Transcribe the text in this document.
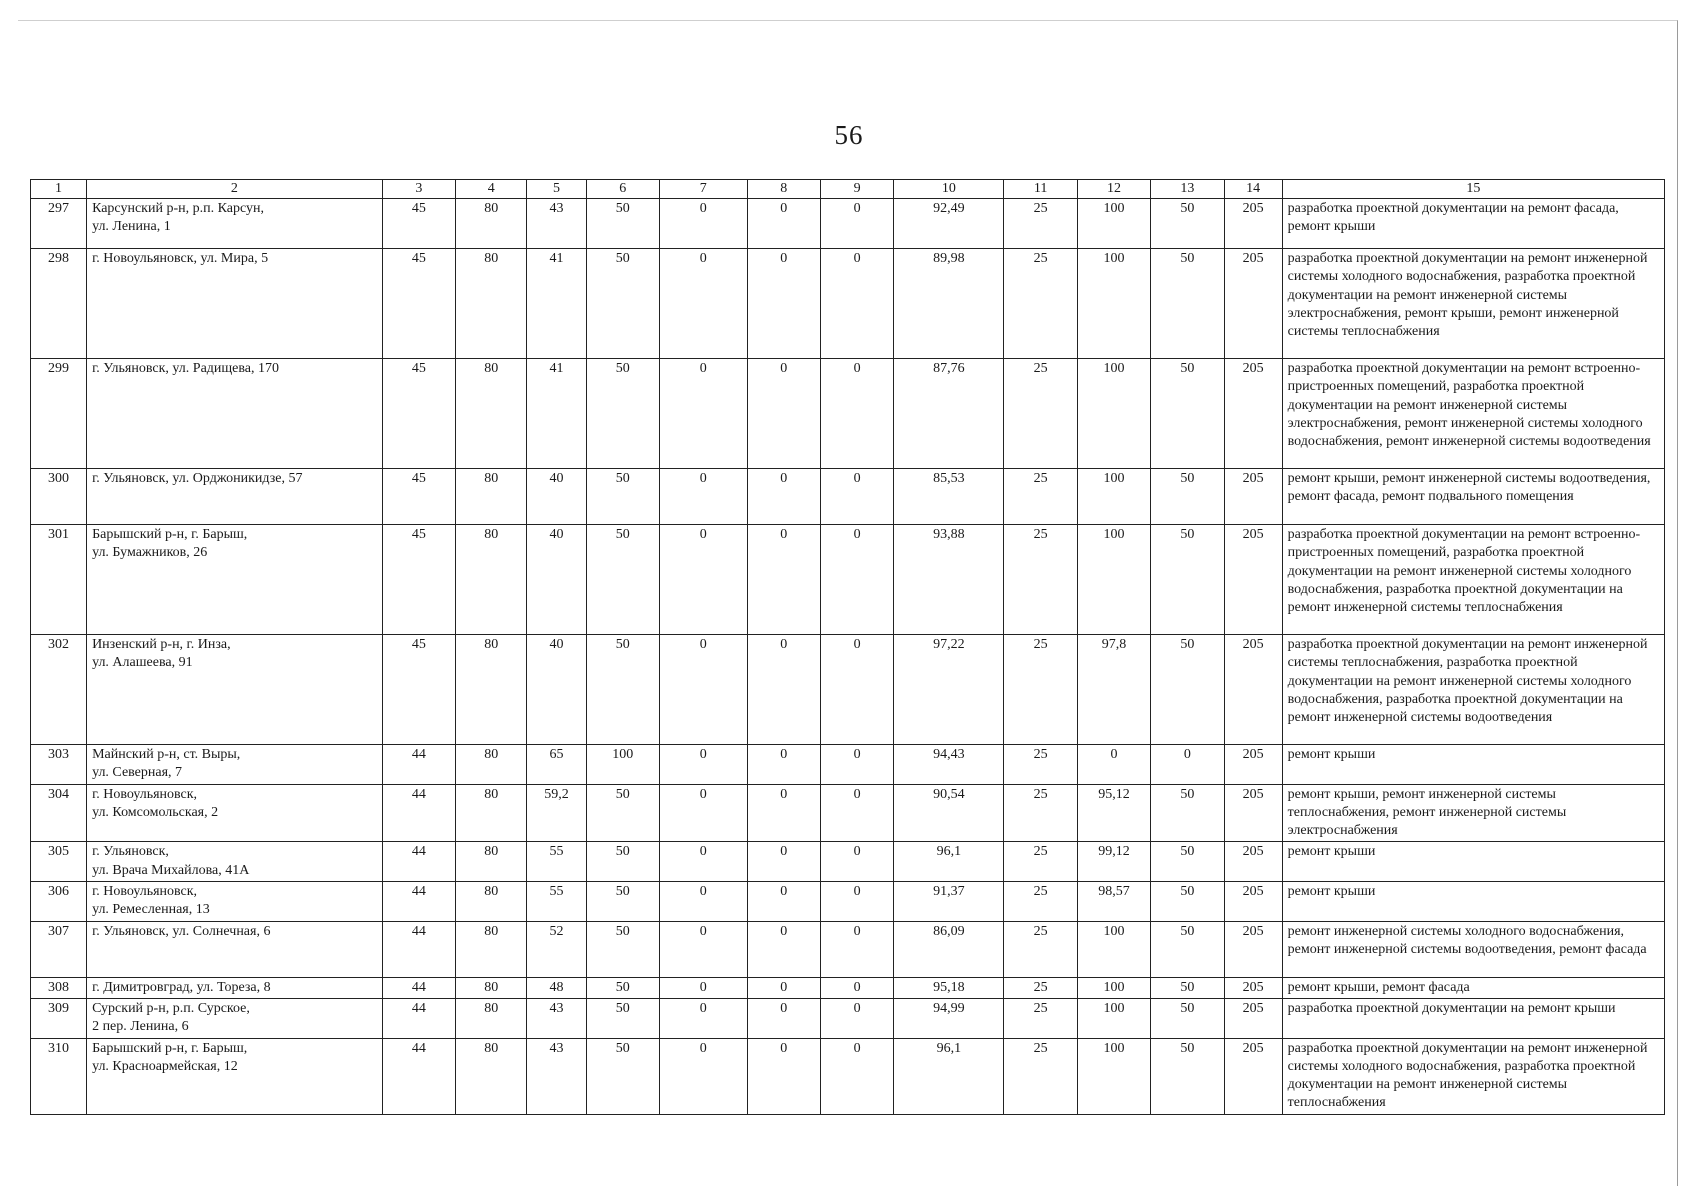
56
1	2	3	4	5	6	7	8	9	10	11	12	13	14	15
297	Карсунский р-н, р.п. Карсун,
ул. Ленина, 1	45	80	43	50	0	0	0	92,49	25	100	50	205	разработка проектной документации на ремонт фасада, ремонт крыши
298	г. Новоульяновск, ул. Мира, 5	45	80	41	50	0	0	0	89,98	25	100	50	205	разработка проектной документации на ремонт инженерной системы холодного водоснабжения, разработка проектной документации на ремонт инженерной системы электроснабжения, ремонт крыши, ремонт инженерной системы теплоснабжения
299	г. Ульяновск, ул. Радищева, 170	45	80	41	50	0	0	0	87,76	25	100	50	205	разработка проектной документации на ремонт встроенно-пристроенных помещений, разработка проектной документации на ремонт инженерной системы электроснабжения, ремонт инженерной системы холодного водоснабжения, ремонт инженерной системы водоотведения
300	г. Ульяновск, ул. Орджоникидзе, 57	45	80	40	50	0	0	0	85,53	25	100	50	205	ремонт крыши, ремонт инженерной системы водоотведения, ремонт фасада, ремонт подвального помещения
301	Барышский р-н, г. Барыш,
ул. Бумажников, 26	45	80	40	50	0	0	0	93,88	25	100	50	205	разработка проектной документации на ремонт встроенно-пристроенных помещений, разработка проектной документации на ремонт инженерной системы холодного водоснабжения, разработка проектной документации на ремонт инженерной системы теплоснабжения
302	Инзенский р-н, г. Инза,
ул. Алашеева, 91	45	80	40	50	0	0	0	97,22	25	97,8	50	205	разработка проектной документации на ремонт инженерной системы теплоснабжения, разработка проектной документации на ремонт инженерной системы холодного водоснабжения, разработка проектной документации на ремонт инженерной системы водоотведения
303	Майнский р-н, ст. Выры,
ул. Северная, 7	44	80	65	100	0	0	0	94,43	25	0	0	205	ремонт крыши
304	г. Новоульяновск,
ул. Комсомольская, 2	44	80	59,2	50	0	0	0	90,54	25	95,12	50	205	ремонт крыши, ремонт инженерной системы теплоснабжения, ремонт инженерной системы электроснабжения
305	г. Ульяновск,
ул. Врача Михайлова, 41А	44	80	55	50	0	0	0	96,1	25	99,12	50	205	ремонт крыши
306	г. Новоульяновск,
ул. Ремесленная, 13	44	80	55	50	0	0	0	91,37	25	98,57	50	205	ремонт крыши
307	г. Ульяновск, ул. Солнечная, 6	44	80	52	50	0	0	0	86,09	25	100	50	205	ремонт инженерной системы холодного водоснабжения, ремонт инженерной системы водоотведения, ремонт фасада
308	г. Димитровград, ул. Тореза, 8	44	80	48	50	0	0	0	95,18	25	100	50	205	ремонт крыши, ремонт фасада
309	Сурский р-н, р.п. Сурское,
2 пер. Ленина, 6	44	80	43	50	0	0	0	94,99	25	100	50	205	разработка проектной документации на ремонт крыши
310	Барышский р-н, г. Барыш,
ул. Красноармейская, 12	44	80	43	50	0	0	0	96,1	25	100	50	205	разработка проектной документации на ремонт инженерной системы холодного водоснабжения, разработка проектной документации на ремонт инженерной системы теплоснабжения
